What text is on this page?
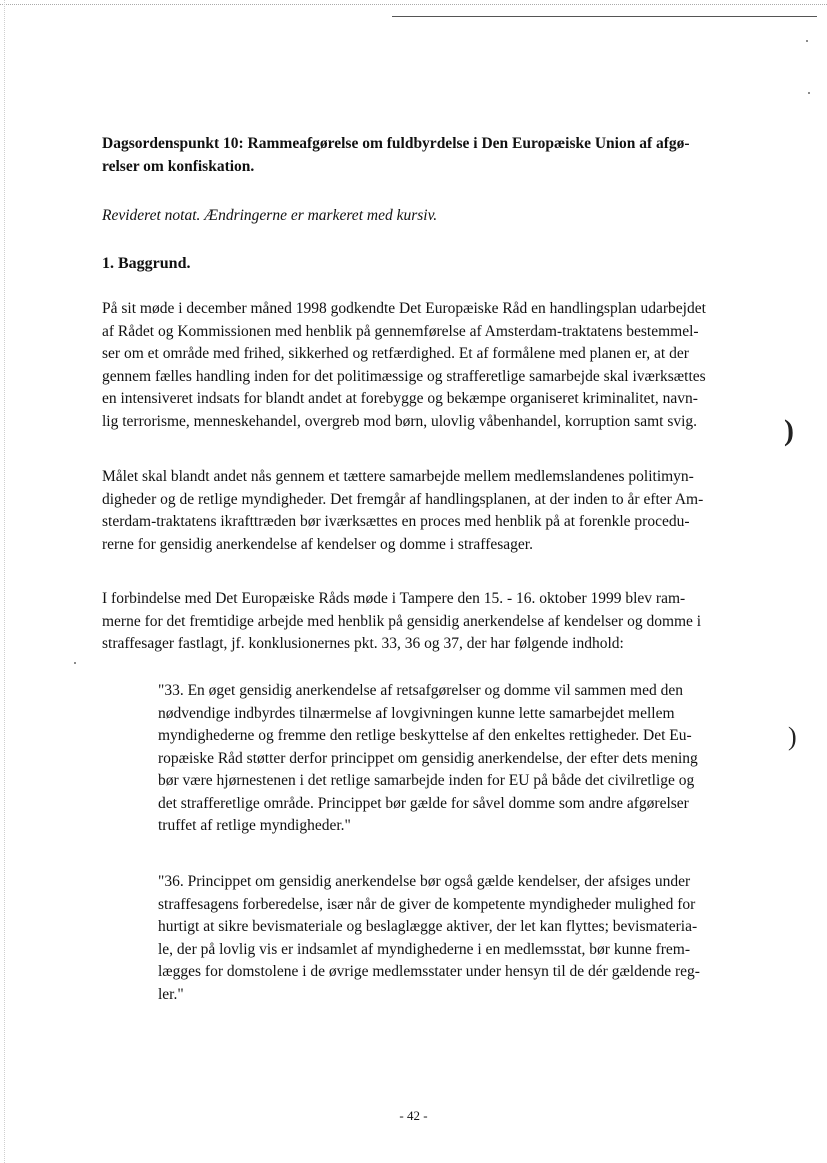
)
)
Dagsordenspunkt 10: Rammeafgørelse om fuldbyrdelse i Den Europæiske Union af afgø-
relser om konfiskation.
Revideret notat. Ændringerne er markeret med kursiv.
1. Baggrund.
På sit møde i december måned 1998 godkendte Det Europæiske Råd en handlingsplan udarbejdet
af Rådet og Kommissionen med henblik på gennemførelse af Amsterdam-traktatens bestemmel-
ser om et område med frihed, sikkerhed og retfærdighed. Et af formålene med planen er, at der
gennem fælles handling inden for det politimæssige og strafferetlige samarbejde skal iværksættes
en intensiveret indsats for blandt andet at forebygge og bekæmpe organiseret kriminalitet, navn-
lig terrorisme, menneskehandel, overgreb mod børn, ulovlig våbenhandel, korruption samt svig.
Målet skal blandt andet nås gennem et tættere samarbejde mellem medlemslandenes politimyn-
digheder og de retlige myndigheder. Det fremgår af handlingsplanen, at der inden to år efter Am-
sterdam-traktatens ikrafttræden bør iværksættes en proces med henblik på at forenkle procedu-
rerne for gensidig anerkendelse af kendelser og domme i straffesager.
I forbindelse med Det Europæiske Råds møde i Tampere den 15. - 16. oktober 1999 blev ram-
merne for det fremtidige arbejde med henblik på gensidig anerkendelse af kendelser og domme i
straffesager fastlagt, jf. konklusionernes pkt. 33, 36 og 37, der har følgende indhold:
"33. En øget gensidig anerkendelse af retsafgørelser og domme vil sammen med den
nødvendige indbyrdes tilnærmelse af lovgivningen kunne lette samarbejdet mellem
myndighederne og fremme den retlige beskyttelse af den enkeltes rettigheder. Det Eu-
ropæiske Råd støtter derfor princippet om gensidig anerkendelse, der efter dets mening
bør være hjørnestenen i det retlige samarbejde inden for EU på både det civilretlige og
det strafferetlige område. Princippet bør gælde for såvel domme som andre afgørelser
truffet af retlige myndigheder."
"36. Princippet om gensidig anerkendelse bør også gælde kendelser, der afsiges under
straffesagens forberedelse, især når de giver de kompetente myndigheder mulighed for
hurtigt at sikre bevismateriale og beslaglægge aktiver, der let kan flyttes; bevismateria-
le, der på lovlig vis er indsamlet af myndighederne i en medlemsstat, bør kunne frem-
lægges for domstolene i de øvrige medlemsstater under hensyn til de dér gældende reg-
ler."
- 42 -
